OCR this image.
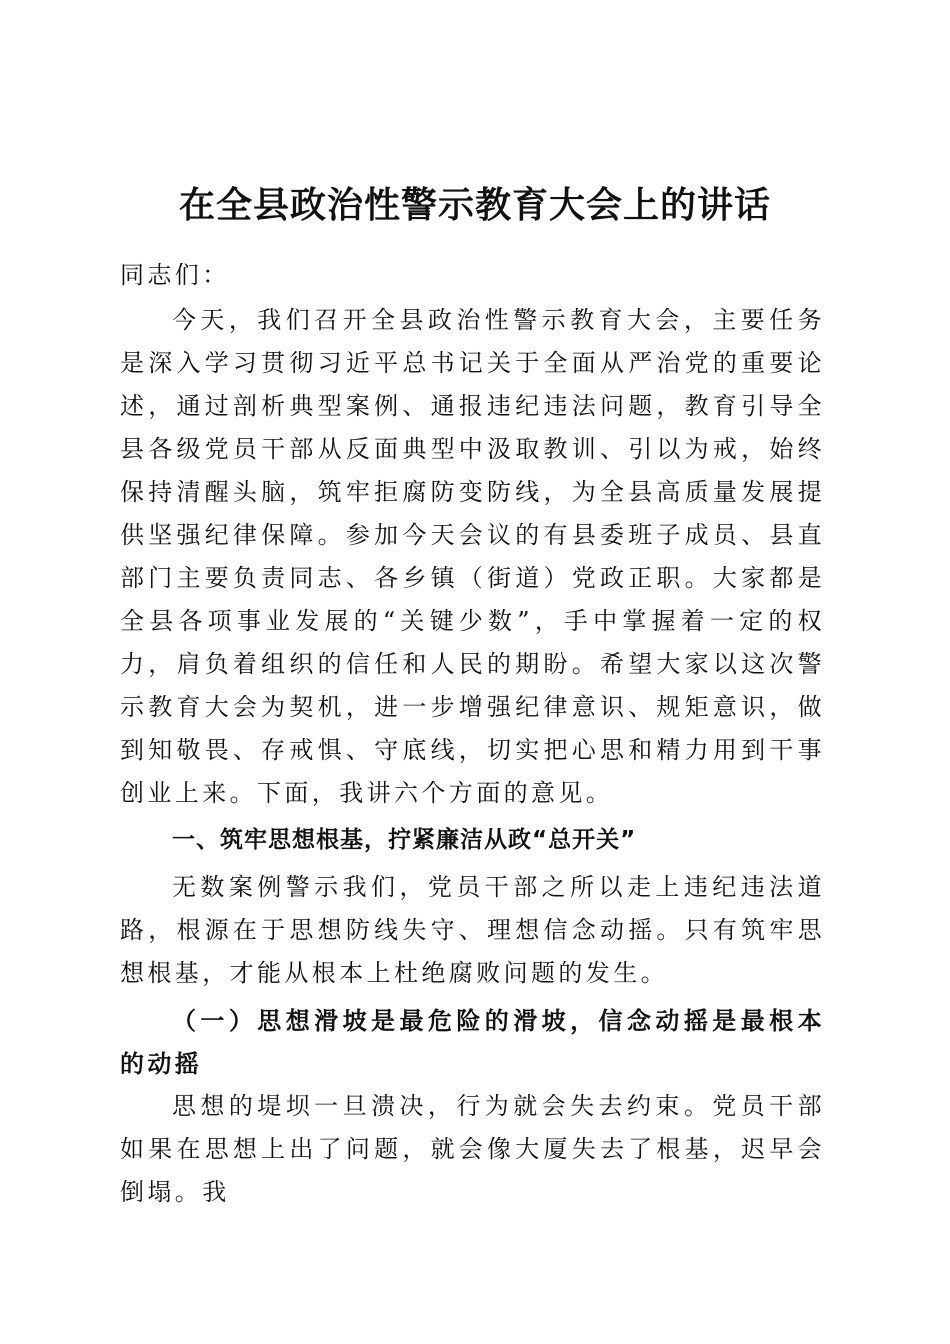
在全县政治性警示教育大会上的讲话

同志们：

今天，我们召开全县政治性警示教育大会，主要任务是深入学习贯彻习近平总书记关于全面从严治党的重要论述，通过剖析典型案例、通报违纪违法问题，教育引导全县各级党员干部从反面典型中汲取教训、引以为戒，始终保持清醒头脑，筑牢拒腐防变防线，为全县高质量发展提供坚强纪律保障。参加今天会议的有县委班子成员、县直部门主要负责同志、各乡镇（街道）党政正职。大家都是全县各项事业发展的“关键少数”，手中掌握着一定的权力，肩负着组织的信任和人民的期盼。希望大家以这次警示教育大会为契机，进一步增强纪律意识、规矩意识，做到知敬畏、存戒惧、守底线，切实把心思和精力用到干事创业上来。下面，我讲六个方面的意见。

一、筑牢思想根基，拧紧廉洁从政“总开关”

无数案例警示我们，党员干部之所以走上违纪违法道路，根源在于思想防线失守、理想信念动摇。只有筑牢思想根基，才能从根本上杜绝腐败问题的发生。

（一）思想滑坡是最危险的滑坡，信念动摇是最根本的动摇

思想的堤坝一旦溃决，行为就会失去约束。党员干部如果在思想上出了问题，就会像大厦失去了根基，迟早会倒塌。我
